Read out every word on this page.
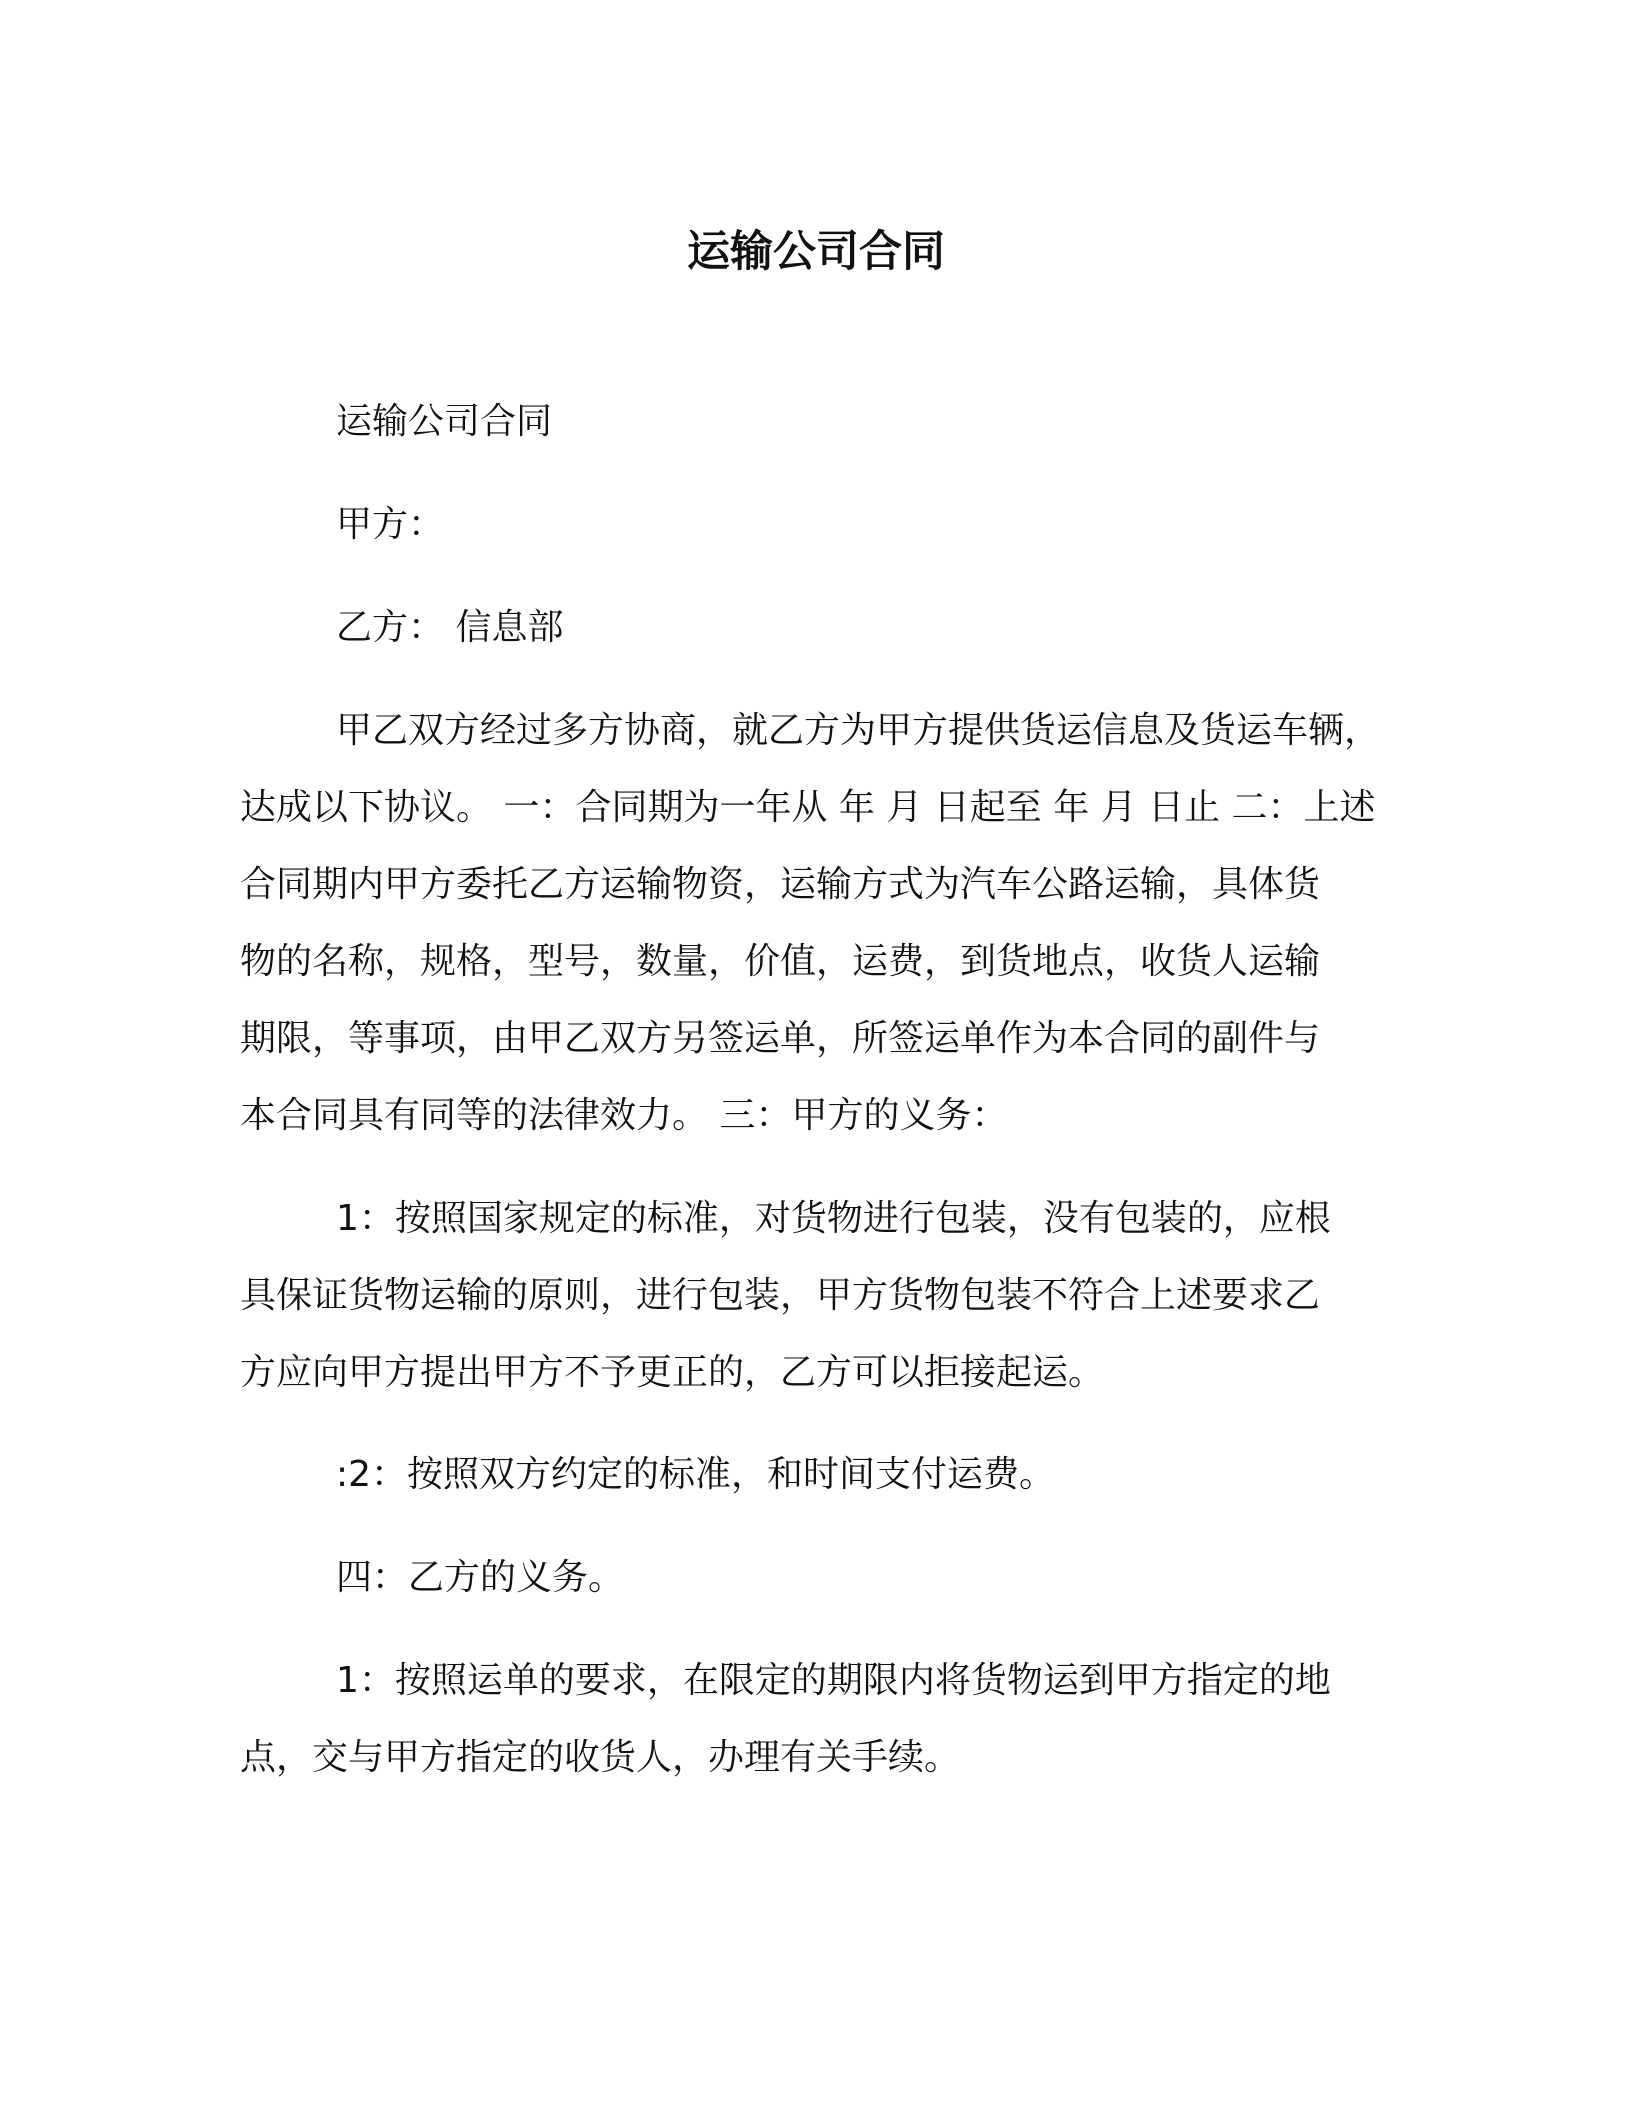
运输公司合同

运输公司合同

甲方：

乙方： 信息部

甲乙双方经过多方协商，就乙方为甲方提供货运信息及货运车辆，
达成以下协议。 一：合同期为一年从 年 月 日起至 年 月 日止 二：上述
合同期内甲方委托乙方运输物资，运输方式为汽车公路运输，具体货
物的名称，规格，型号，数量，价值，运费，到货地点，收货人运输
期限，等事项，由甲乙双方另签运单，所签运单作为本合同的副件与
本合同具有同等的法律效力。 三：甲方的义务：

1：按照国家规定的标准，对货物进行包装，没有包装的，应根
具保证货物运输的原则，进行包装，甲方货物包装不符合上述要求乙
方应向甲方提出甲方不予更正的，乙方可以拒接起运。

:2：按照双方约定的标准，和时间支付运费。

四：乙方的义务。

1：按照运单的要求，在限定的期限内将货物运到甲方指定的地
点，交与甲方指定的收货人，办理有关手续。
